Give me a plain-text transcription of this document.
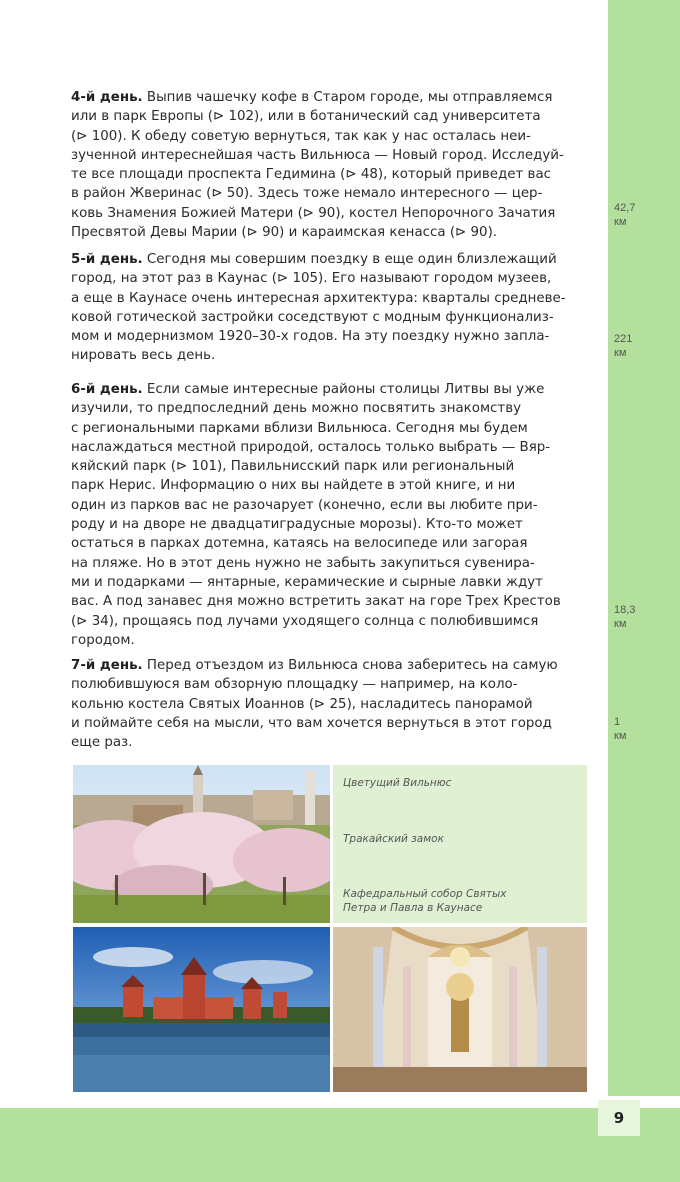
9
42,7
км
221
км
18,3
км
1
км
4-й день. Выпив чашечку кофе в Старом городе, мы отправляемся
или в парк Европы (⊳ 102), или в ботанический сад университета
(⊳ 100). К обеду советую вернуться, так как у нас осталась неи-
зученной интереснейшая часть Вильнюса — Новый город. Исследуй-
те все площади проспекта Гедимина (⊳ 48), который приведет вас
в район Жверинас (⊳ 50). Здесь тоже немало интересного — цер-
ковь Знамения Божией Матери (⊳ 90), костел Непорочного Зачатия
Пресвятой Девы Марии (⊳ 90) и караимская кенасса (⊳ 90).
5-й день. Сегодня мы совершим поездку в еще один близлежащий
город, на этот раз в Каунас (⊳ 105). Его называют городом музеев,
а еще в Каунасе очень интересная архитектура: кварталы средневе-
ковой готической застройки соседствуют с модным функционализ-
мом и модернизмом 1920–30-х годов. На эту поездку нужно запла-
нировать весь день.
6-й день. Если самые интересные районы столицы Литвы вы уже
изучили, то предпоследний день можно посвятить знакомству
с региональными парками вблизи Вильнюса. Сегодня мы будем
наслаждаться местной природой, осталось только выбрать — Вяр-
кяйский парк (⊳ 101), Павильнисский парк или региональный
парк Нерис. Информацию о них вы найдете в этой книге, и ни
один из парков вас не разочарует (конечно, если вы любите при-
роду и на дворе не двадцатиградусные морозы). Кто-то может
остаться в парках дотемна, катаясь на велосипеде или загорая
на пляже. Но в этот день нужно не забыть закупиться сувенира-
ми и подарками — янтарные, керамические и сырные лавки ждут
вас. А под занавес дня можно встретить закат на горе Трех Крестов
(⊳ 34), прощаясь под лучами уходящего солнца с полюбившимся
городом.
7-й день. Перед отъездом из Вильнюса снова заберитесь на самую
полюбившуюся вам обзорную площадку — например, на коло-
кольню костела Святых Иоаннов (⊳ 25), насладитесь панорамой
и поймайте себя на мысли, что вам хочется вернуться в этот город
еще раз.
Цветущий Вильнюс
Тракайский замок
Кафедральный собор Святых
Петра и Павла в Каунасе
